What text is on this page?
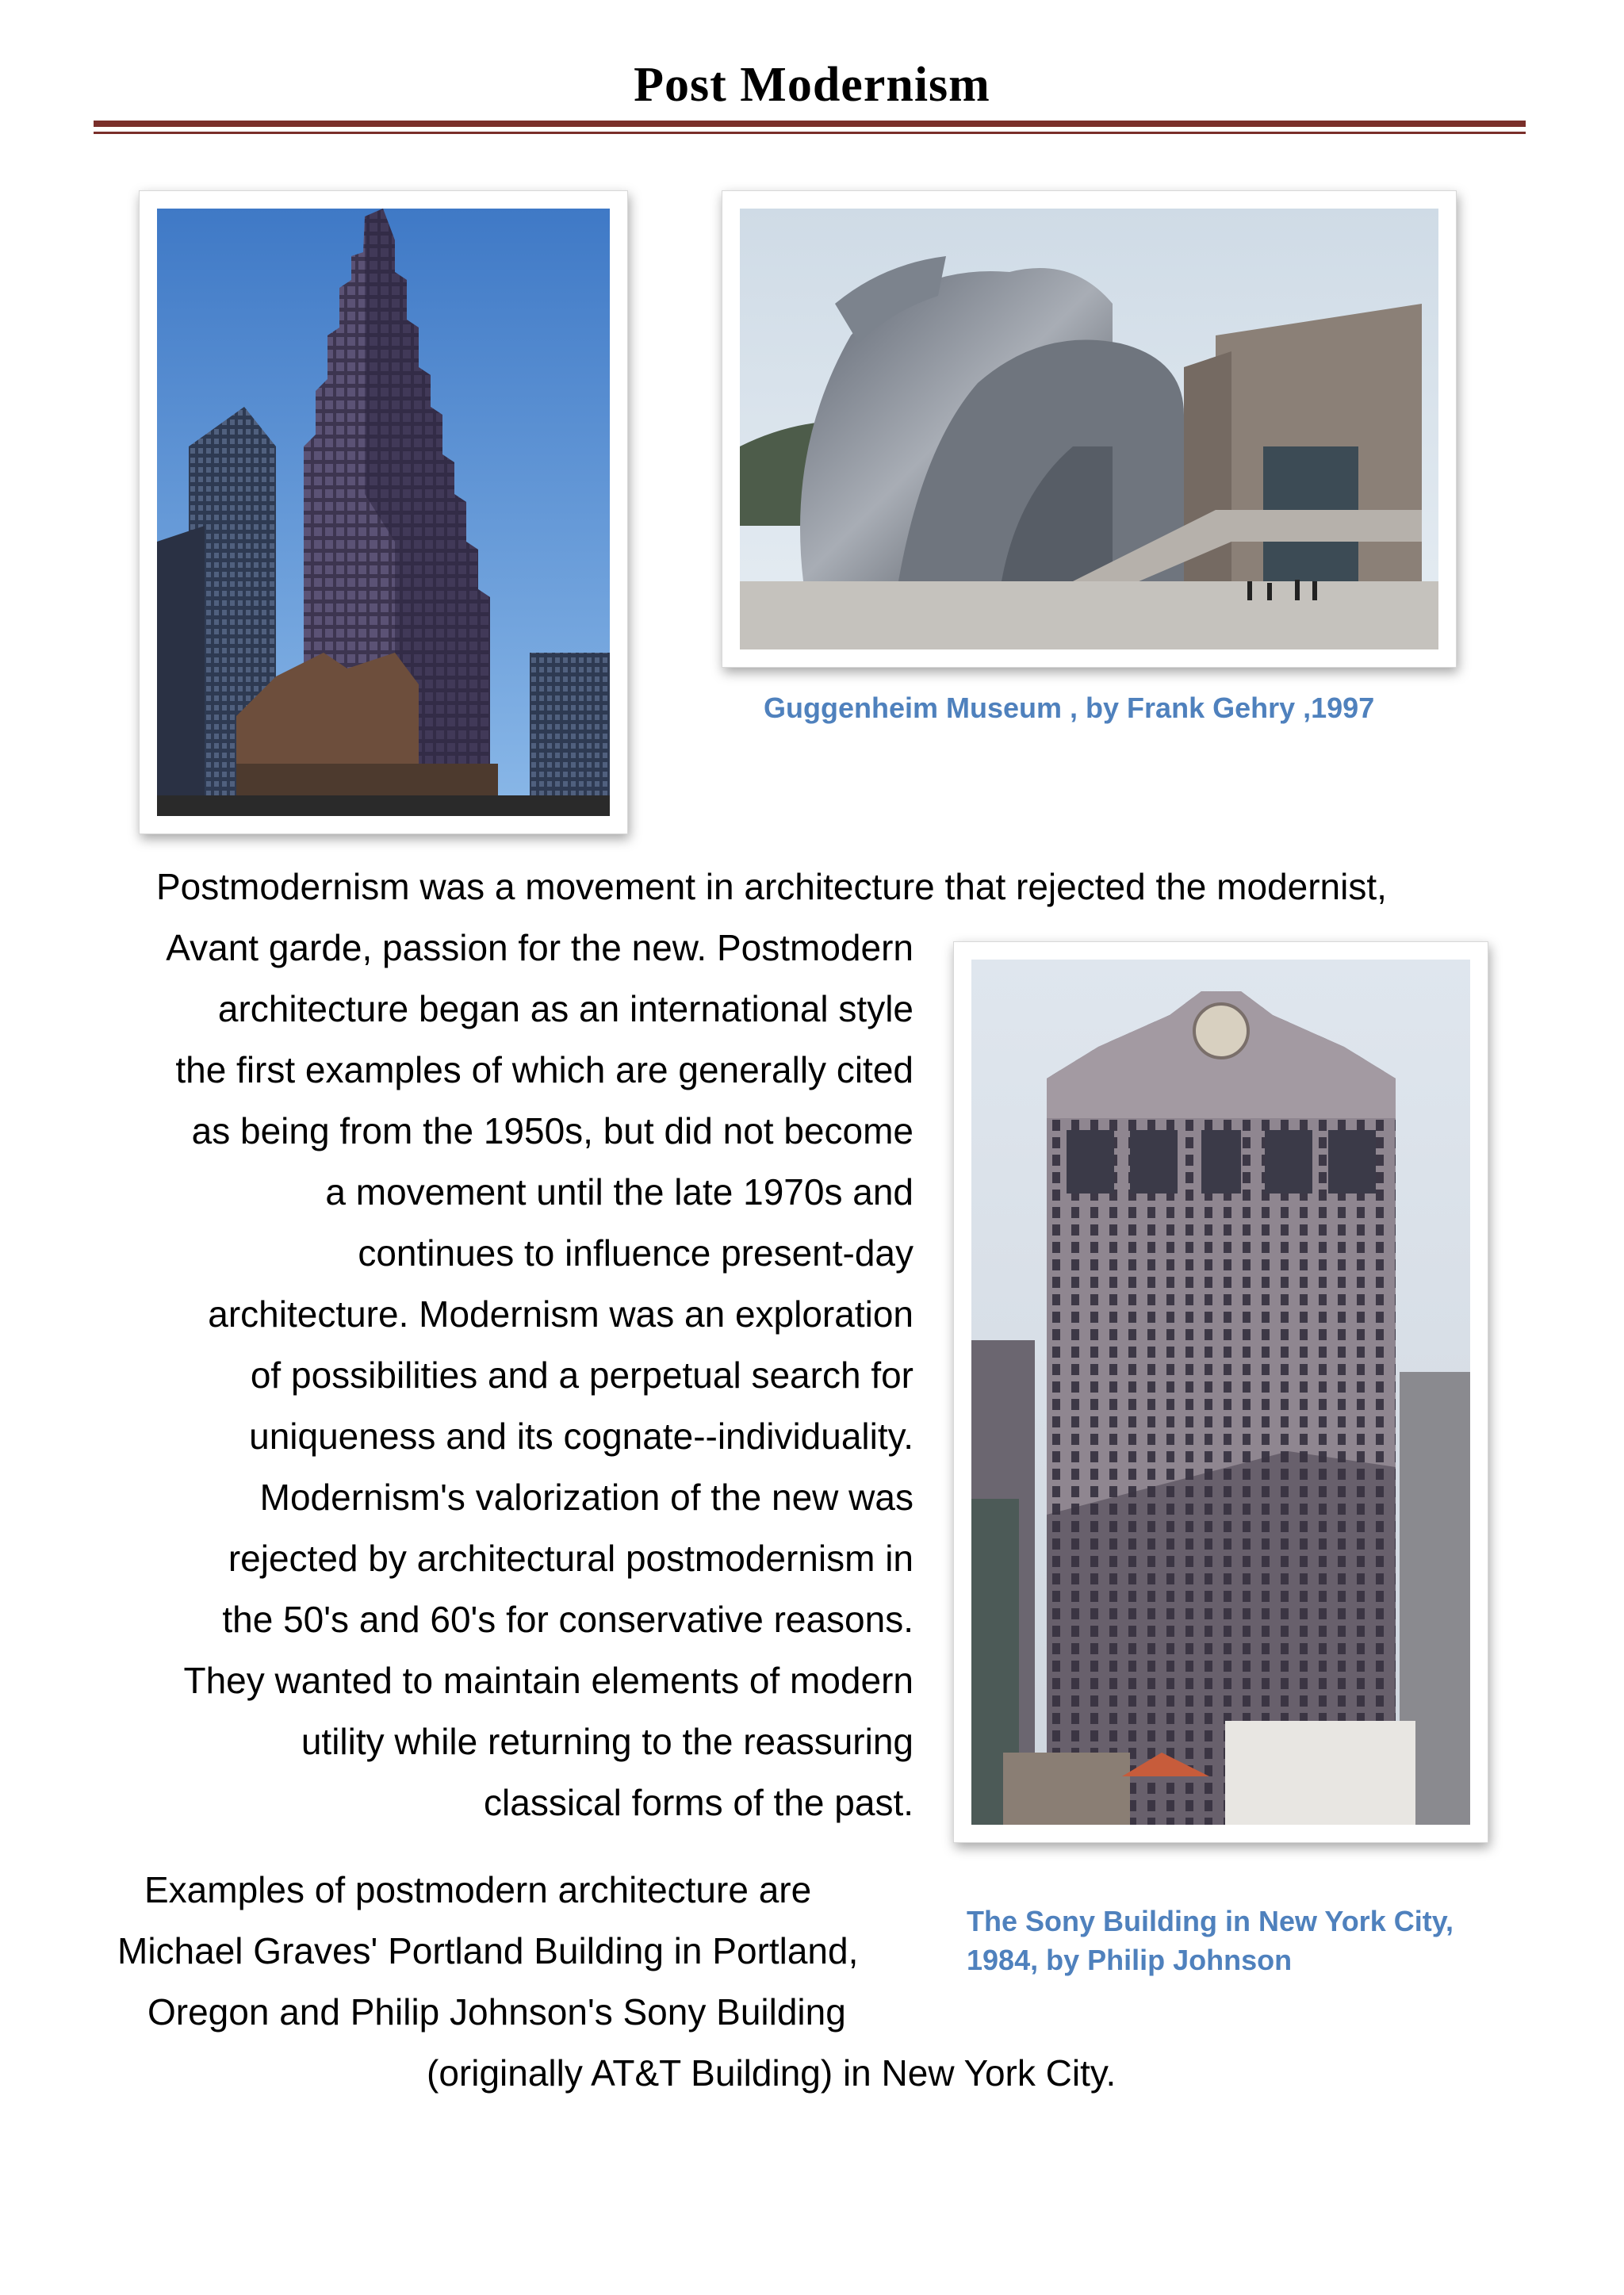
Post Modernism
Guggenheim Museum , by Frank Gehry ,1997
The Sony Building in New York City,
1984, by Philip Johnson
Postmodernism was a movement in architecture that rejected the modernist,
Avant garde, passion for the new. Postmodern
architecture began as an international style
the first examples of which are generally cited
as being from the 1950s, but did not become
a movement until the late 1970s and
continues to influence present-day
architecture. Modernism was an exploration
of possibilities and a perpetual search for
uniqueness and its cognate--individuality.
Modernism's valorization of the new was
rejected by architectural postmodernism in
the 50's and 60's for conservative reasons.
They wanted to maintain elements of modern
utility while returning to the reassuring
classical forms of the past.
Examples of postmodern architecture are
Michael Graves' Portland Building in Portland,
Oregon and Philip Johnson's Sony Building
(originally AT&T Building) in New York City.
